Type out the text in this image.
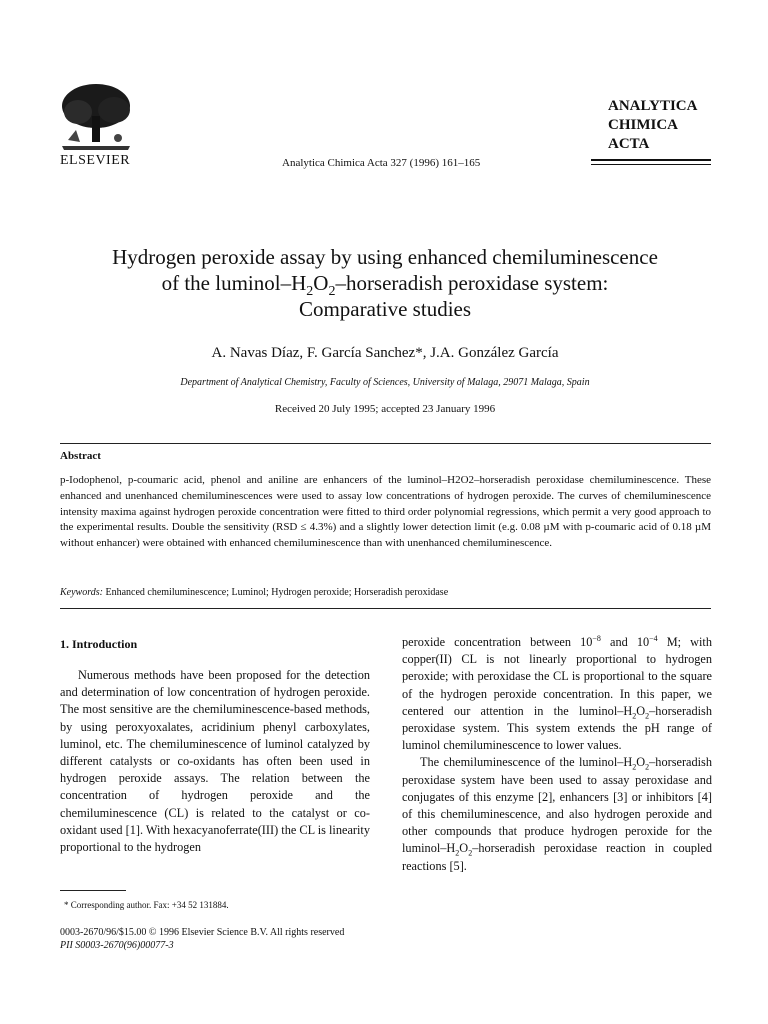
ELSEVIER	Analytica Chimica Acta 327 (1996) 161–165
ANALYTICA
CHIMICA
ACTA
Hydrogen peroxide assay by using enhanced chemiluminescence
of the luminol–$H_2O_2$–horseradish peroxidase system:
Comparative studies
A. Navas Díaz, F. García Sanchez*, J.A. González García
Department of Analytical Chemistry, Faculty of Sciences, University of Malaga, 29071 Malaga, Spain
Received 20 July 1995; accepted 23 January 1996
Abstract
p-Iodophenol, p-coumaric acid, phenol and aniline are enhancers of the luminol–H2O2–horseradish peroxidase chemiluminescence. These enhanced and unenhanced chemiluminescences were used to assay low concentrations of hydrogen peroxide. The curves of chemiluminescence intensity maxima against hydrogen peroxide concentration were fitted to third order polynomial regressions, which permit a very good approach to the experimental results. Double the sensitivity (RSD ≤ 4.3%) and a slightly lower detection limit (e.g. 0.08 µM with p-coumaric acid of 0.18 µM without enhancer) were obtained with enhanced chemiluminescence than with unenhanced chemiluminescence.
Keywords: Enhanced chemiluminescence; Luminol; Hydrogen peroxide; Horseradish peroxidase
1. Introduction

Numerous methods have been proposed for the detection and determination of low concentration of hydrogen peroxide. The most sensitive are the chemiluminescence-based methods, by using peroxyoxalates, acridinium phenyl carboxylates, luminol, etc. The chemiluminescence of luminol catalyzed by different catalysts or co-oxidants has often been used in hydrogen peroxide assays. The relation between the concentration of hydrogen peroxide and the chemiluminescence (CL) is related to the catalyst or co-oxidant used [1]. With hexacyanoferrate(III) the CL is linearity proportional to the hydrogen

peroxide concentration between $10^{-8}$ and $10^{-4}$ M; with copper(II) CL is not linearly proportional to hydrogen peroxide; with peroxidase the CL is proportional to the square of the hydrogen peroxide concentration. In this paper, we centered our attention in the luminol–$H_2O_2$–horseradish peroxidase system. This system extends the pH range of luminol chemiluminescence to lower values.

The chemiluminescence of the luminol–$H_2O_2$–horseradish peroxidase system have been used to assay peroxidase and conjugates of this enzyme [2], enhancers [3] or inhibitors [4] of this chemiluminescence, and also hydrogen peroxide and other compounds that produce hydrogen peroxide for the luminol–$H_2O_2$–horseradish peroxidase reaction in coupled reactions [5].

* Corresponding author. Fax: +34 52 131884.
0003-2670/96/$15.00 © 1996 Elsevier Science B.V. All rights reserved
PII S0003-2670(96)00077-3
